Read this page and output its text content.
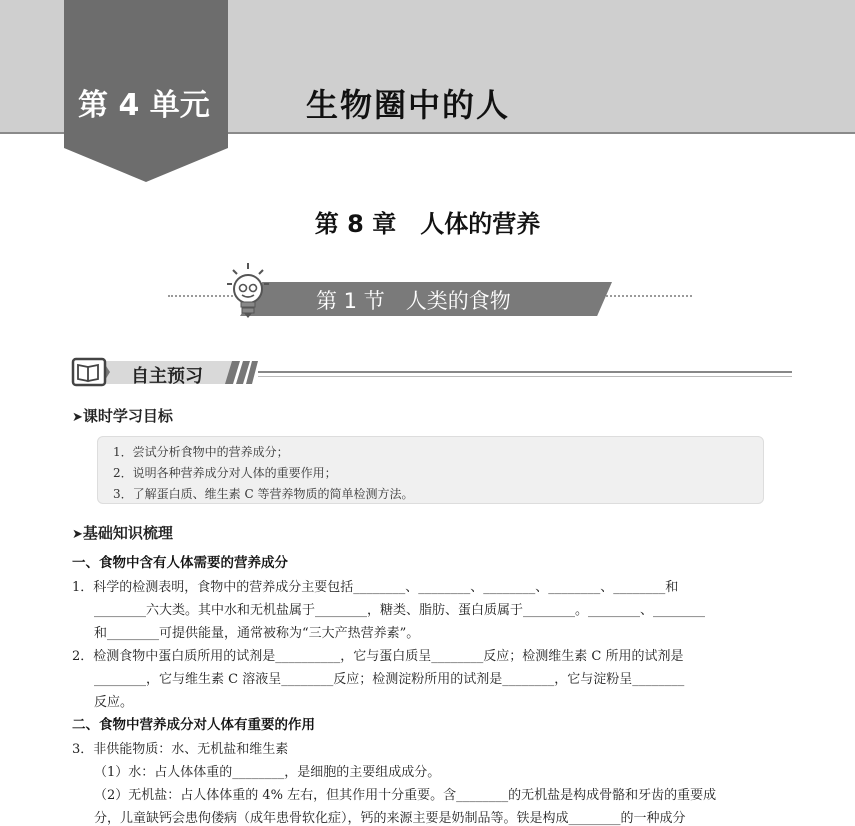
第 4 单元	生物圈中的人
第 8 章　人体的营养
第 1 节　人类的食物
自主预习
➤课时学习目标
1．尝试分析食物中的营养成分；
2．说明各种营养成分对人体的重要作用；
3．了解蛋白质、维生素 C 等营养物质的简单检测方法。
➤基础知识梳理
一、食物中含有人体需要的营养成分
1．科学的检测表明，食物中的营养成分主要包括________、________、________、________、________和
________六大类。其中水和无机盐属于________，糖类、脂肪、蛋白质属于________。________、________
和________可提供能量，通常被称为“三大产热营养素”。
2．检测食物中蛋白质所用的试剂是__________，它与蛋白质呈________反应；检测维生素 C 所用的试剂是
________，它与维生素 C 溶液呈________反应；检测淀粉所用的试剂是________，它与淀粉呈________
反应。
二、食物中营养成分对人体有重要的作用
3．非供能物质：水、无机盐和维生素
（1）水：占人体体重的________，是细胞的主要组成成分。
（2）无机盐：占人体体重的 4% 左右，但其作用十分重要。含________的无机盐是构成骨骼和牙齿的重要成
分，儿童缺钙会患佝偻病（成年患骨软化症），钙的来源主要是奶制品等。铁是构成________的一种成分
